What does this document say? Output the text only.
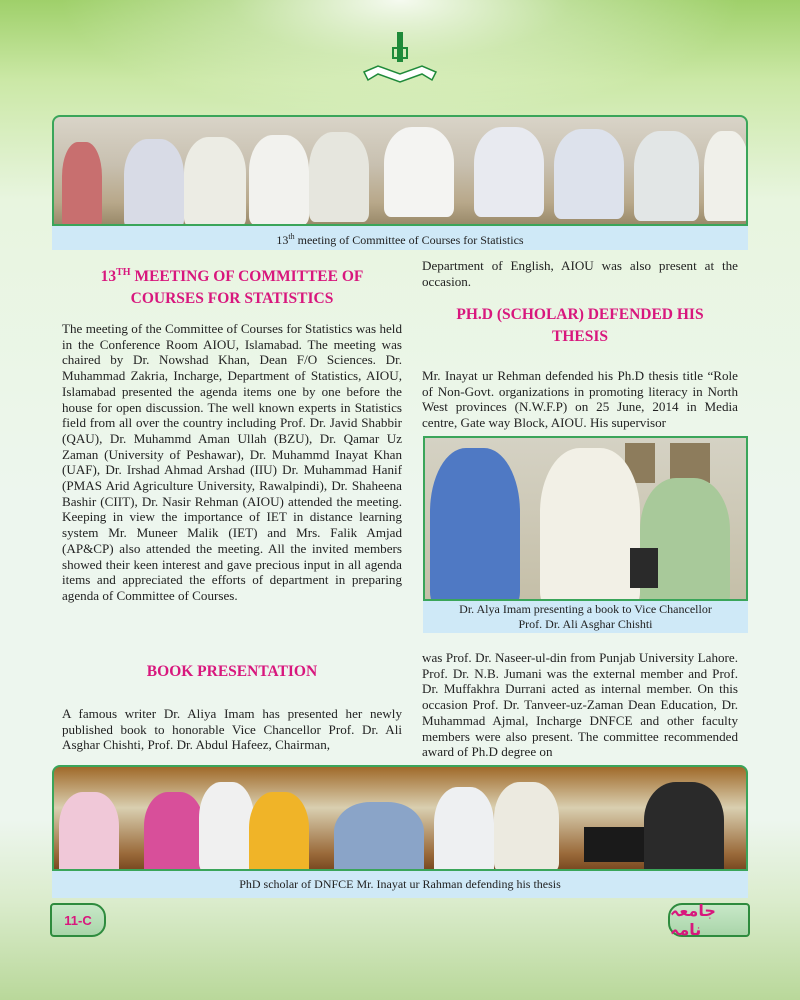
13th meeting of Committee of Courses for Statistics
13TH MEETING OF COMMITTEE OF
COURSES FOR STATISTICS

The meeting of the Committee of Courses for Statistics was held in the Conference Room AIOU, Islamabad. The meeting was chaired by Dr. Nowshad Khan, Dean F/O Sciences. Dr. Muhammad Zakria, Incharge, Department of Statistics, AIOU, Islamabad presented the agenda items one by one before the house for open discussion. The well known experts in Statistics field from all over the country including Prof. Dr. Javid Shabbir (QAU), Dr. Muhammd Aman Ullah (BZU), Dr. Qamar Uz Zaman (University of Peshawar), Dr. Muhammd Inayat Khan (UAF), Dr. Irshad Ahmad Arshad (IIU) Dr. Muhammad Hanif (PMAS Arid Agriculture University, Rawalpindi), Dr. Shaheena Bashir (CIIT), Dr. Nasir Rehman (AIOU) attended the meeting. Keeping in view the importance of IET in distance learning system Mr. Muneer Malik (IET) and Mrs. Falik Amjad (AP&CP) also attended the meeting. All the invited members showed their keen interest and gave precious input in all agenda items and appreciated the efforts of department in preparing agenda of Committee of Courses.

BOOK PRESENTATION

A famous writer Dr. Aliya Imam has presented her newly published book to honorable Vice Chancellor Prof. Dr. Ali Asghar Chishti, Prof. Dr. Abdul Hafeez, Chairman,

Department of English, AIOU was also present at the occasion.

PH.D (SCHOLAR) DEFENDED HIS
THESIS

Mr. Inayat ur Rehman defended his Ph.D thesis title “Role of Non-Govt. organizations in promoting literacy in North West provinces (N.W.F.P) on 25 June, 2014 in Media centre, Gate way Block, AIOU. His supervisor

Dr. Alya Imam presenting a book to Vice Chancellor
Prof. Dr. Ali Asghar Chishti

was Prof. Dr. Naseer-ul-din from Punjab University Lahore. Prof. Dr. N.B. Jumani was the external member and Prof. Dr. Muffakhra Durrani acted as internal member. On this occasion Prof. Dr. Tanveer-uz-Zaman Dean Education, Dr. Muhammad Ajmal, Incharge DNFCE and other faculty members were also present. The committee recommended award of Ph.D degree on

PhD scholar of DNFCE Mr. Inayat ur Rahman defending his thesis
11-C	جامعہ نامہ
